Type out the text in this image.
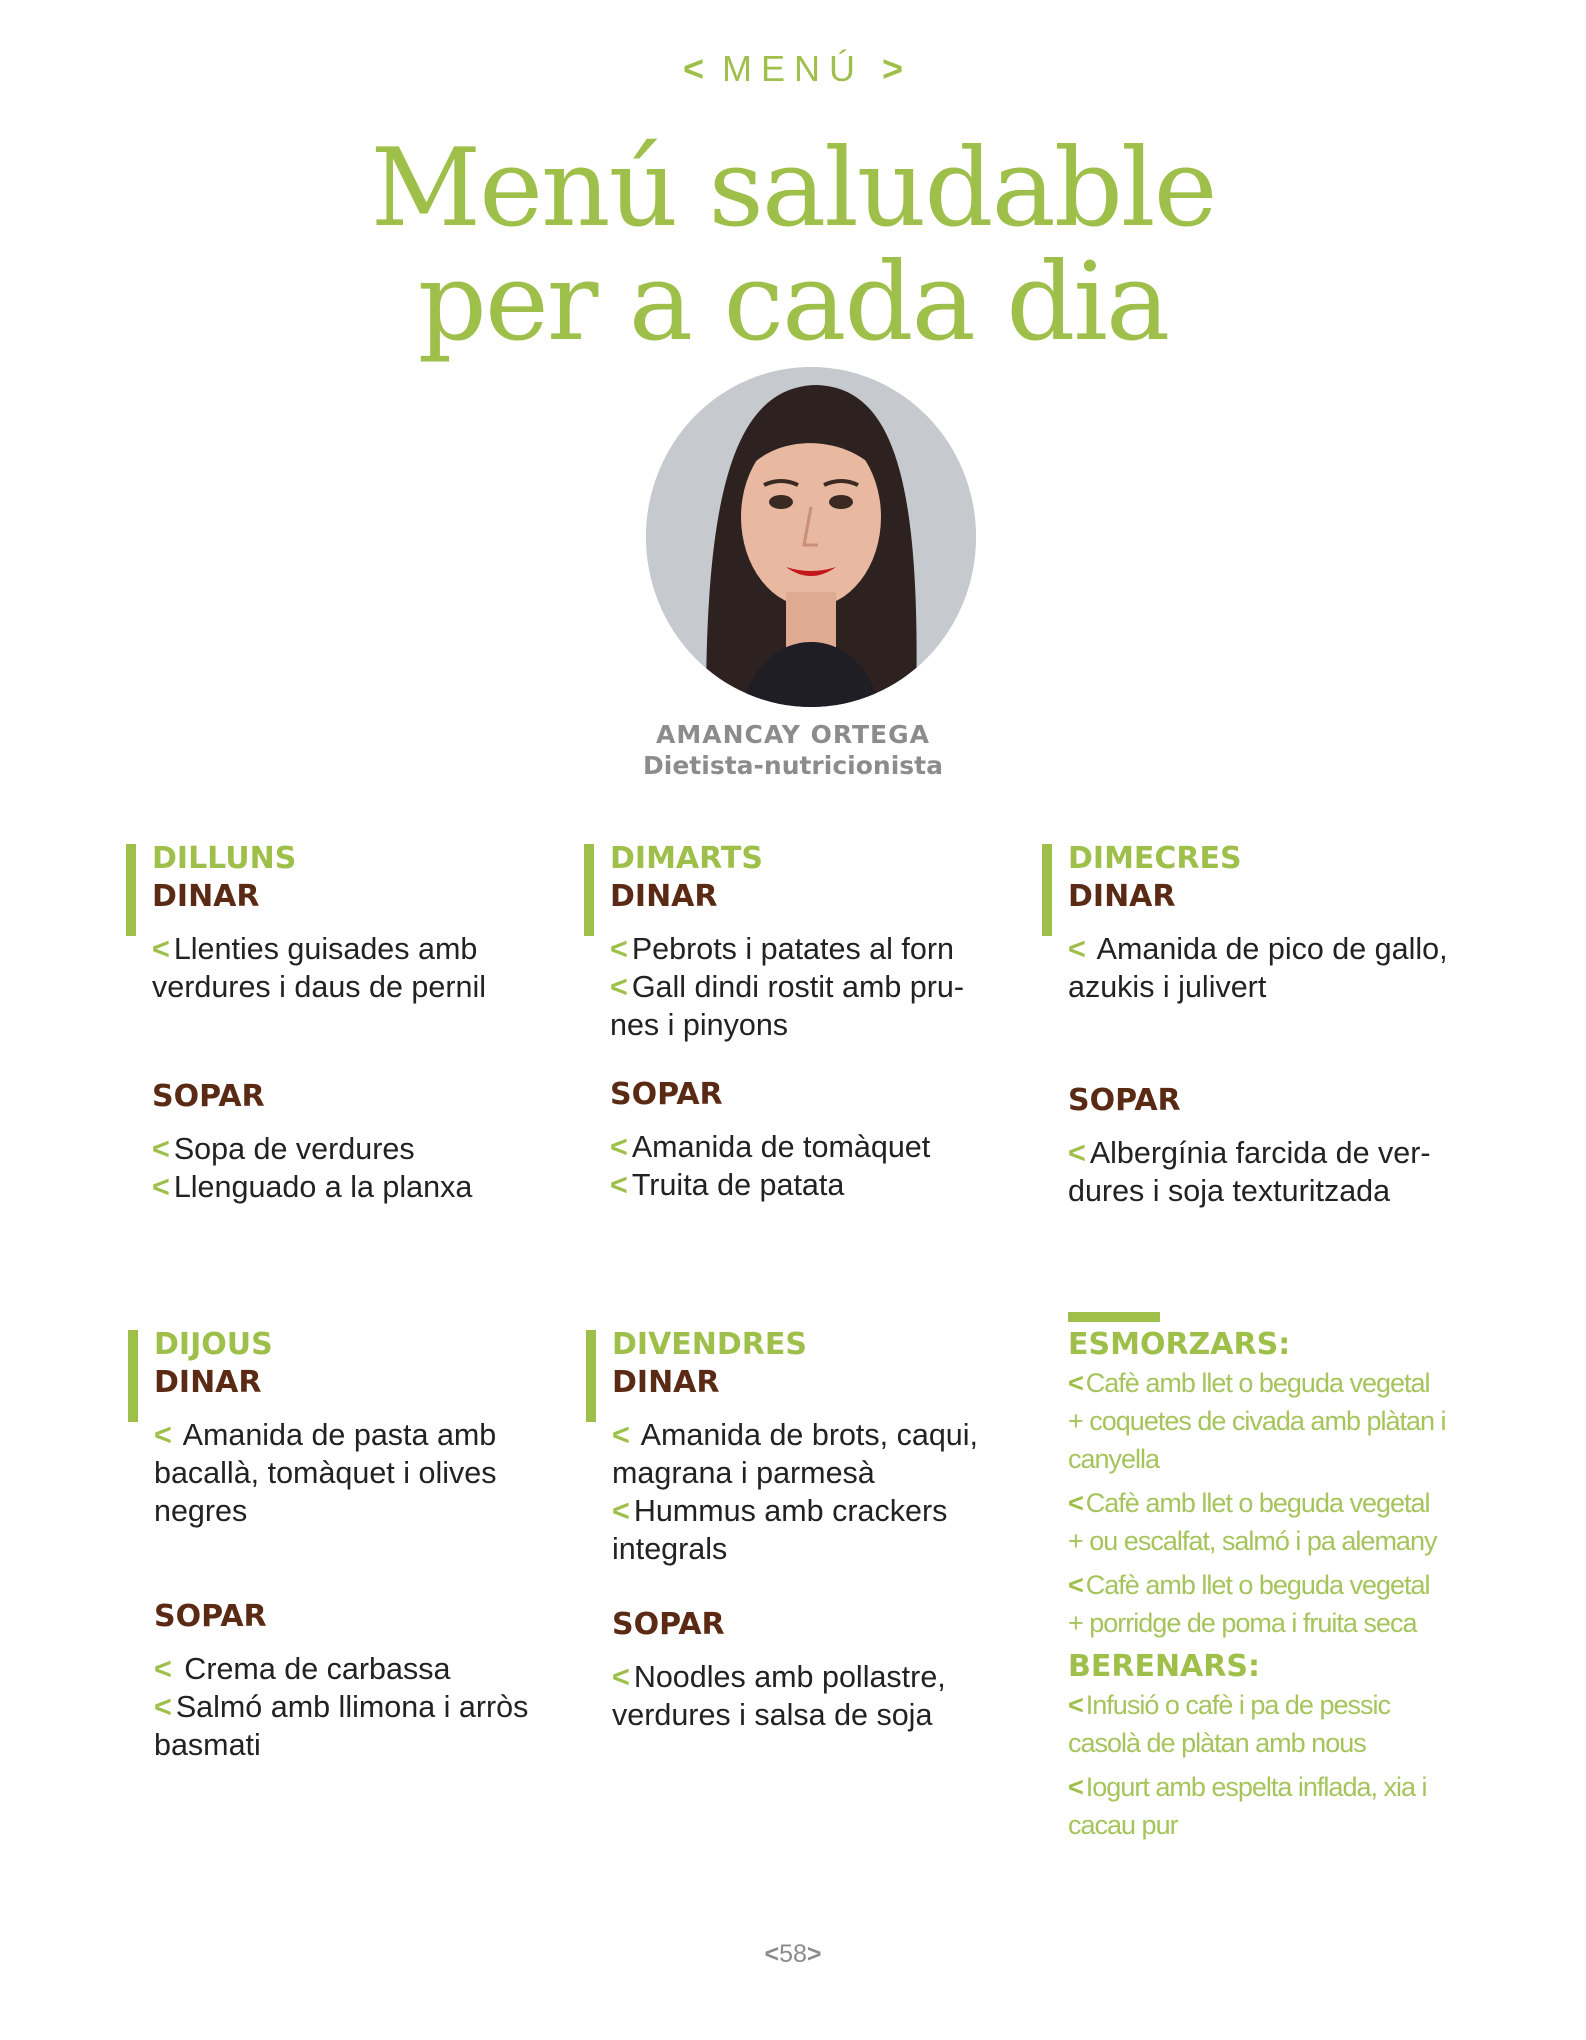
< MENÚ >
Menú saludable
per a cada dia
AMANCAY ORTEGA
Dietista-nutricionista
DILLUNS
DINAR
< Llenties guisades amb
verdures i daus de pernil
SOPAR
< Sopa de verdures
< Llenguado a la planxa
DIMARTS
DINAR
< Pebrots i patates al forn
< Gall dindi rostit amb pru-
nes i pinyons
SOPAR
< Amanida de tomàquet
< Truita de patata
DIMECRES
DINAR
< Amanida de pico de gallo,
azukis i julivert
SOPAR
< Albergínia farcida de ver-
dures i soja texturitzada
DIJOUS
DINAR
< Amanida de pasta amb
bacallà, tomàquet i olives
negres
SOPAR
< Crema de carbassa
< Salmó amb llimona i arròs
basmati
DIVENDRES
DINAR
< Amanida de brots, caqui,
magrana i parmesà
< Hummus amb crackers
integrals
SOPAR
< Noodles amb pollastre,
verdures i salsa de soja
ESMORZARS:
<Cafè amb llet o beguda vegetal
+ coquetes de civada amb plàtan i
canyella
<Cafè amb llet o beguda vegetal
+ ou escalfat, salmó i pa alemany
<Cafè amb llet o beguda vegetal
+ porridge de poma i fruita seca
BERENARS:
<Infusió o cafè i pa de pessic
casolà de plàtan amb nous
<Iogurt amb espelta inflada, xia i
cacau pur
<58>
